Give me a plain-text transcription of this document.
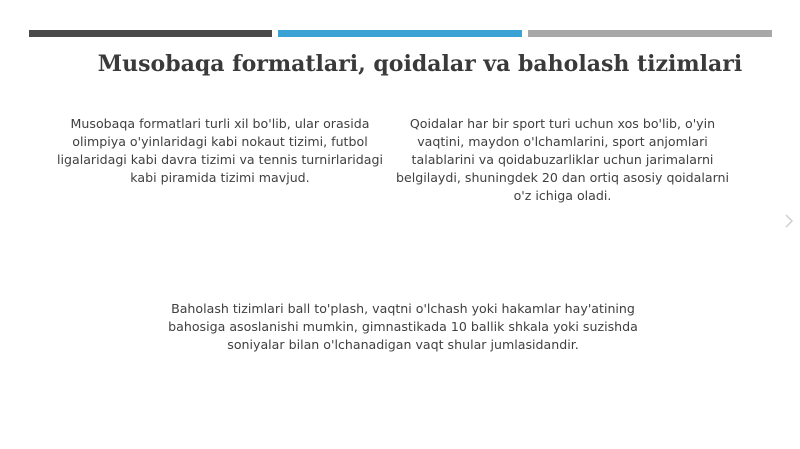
Musobaqa formatlari, qoidalar va baholash tizimlari

Musobaqa formatlari turli xil bo'lib, ular orasida olimpiya o'yinlaridagi kabi nokaut tizimi, futbol ligalaridagi kabi davra tizimi va tennis turnirlaridagi kabi piramida tizimi mavjud.

Qoidalar har bir sport turi uchun xos bo'lib, o'yin vaqtini, maydon o'lchamlarini, sport anjomlari talablarini va qoidabuzarliklar uchun jarimalarni belgilaydi, shuningdek 20 dan ortiq asosiy qoidalarni o'z ichiga oladi.

Baholash tizimlari ball to'plash, vaqtni o'lchash yoki hakamlar hay'atining bahosiga asoslanishi mumkin, gimnastikada 10 ballik shkala yoki suzishda soniyalar bilan o'lchanadigan vaqt shular jumlasidandir.
